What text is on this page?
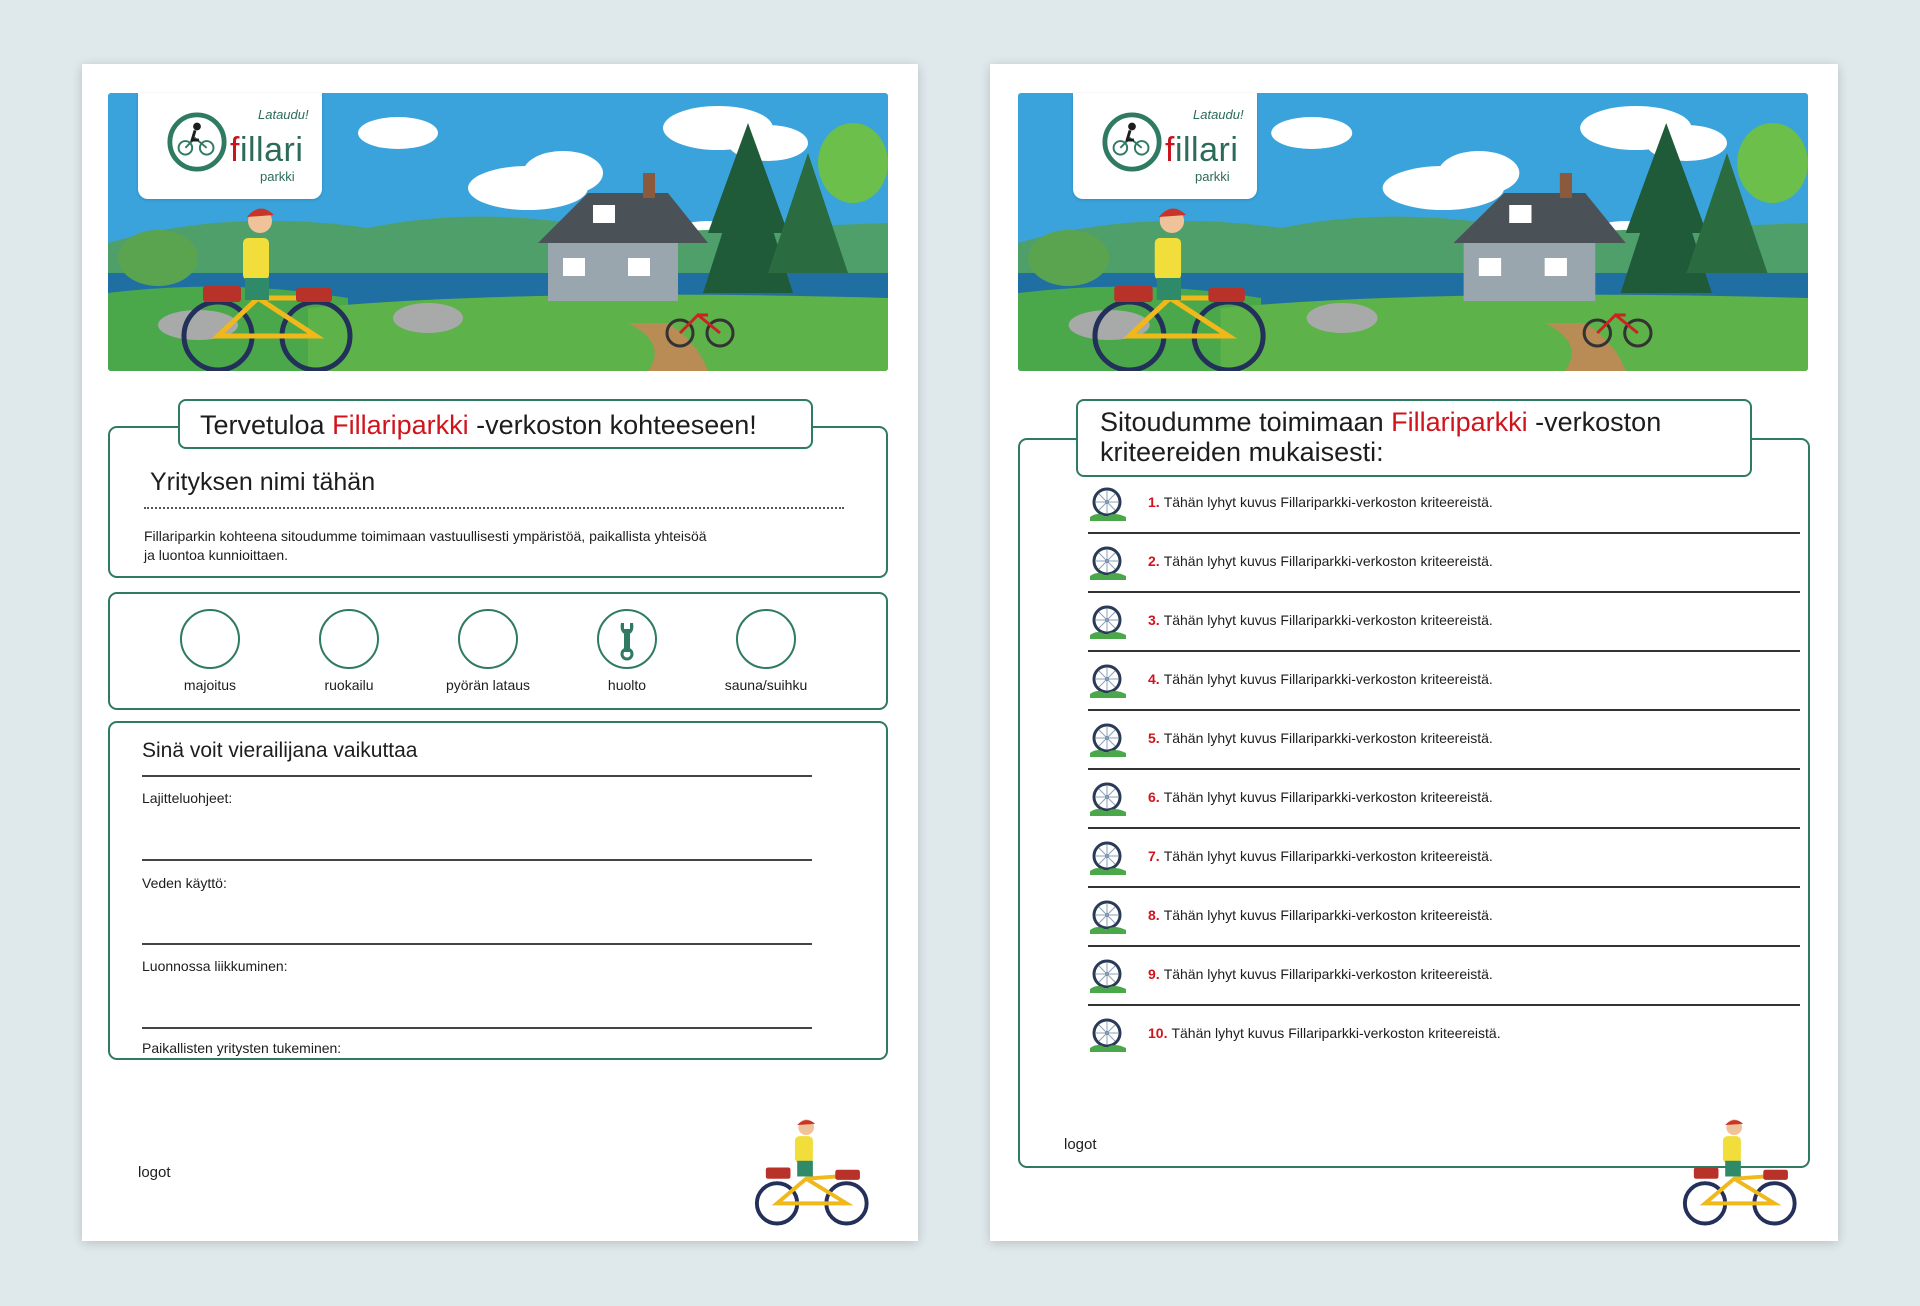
Lataudu!
fillari
parkki
Yrityksen nimi tähän
Fillariparkin kohteena sitoudumme toimimaan vastuullisesti ympäristöä, paikallista yhteisöä
ja luontoa kunnioittaen.
Tervetuloa Fillariparkki -verkoston kohteeseen!
majoitus	ruokailu	pyörän lataus	huolto	sauna/suihku
Sinä voit vierailijana vaikuttaa
Lajitteluohjeet:
Veden käyttö:
Luonnossa liikkuminen:
Paikallisten yritysten tukeminen:
logot
Lataudu!
fillari
parkki
1. Tähän lyhyt kuvus Fillariparkki-verkoston kriteereistä.
2. Tähän lyhyt kuvus Fillariparkki-verkoston kriteereistä.
3. Tähän lyhyt kuvus Fillariparkki-verkoston kriteereistä.
4. Tähän lyhyt kuvus Fillariparkki-verkoston kriteereistä.
5. Tähän lyhyt kuvus Fillariparkki-verkoston kriteereistä.
6. Tähän lyhyt kuvus Fillariparkki-verkoston kriteereistä.
7. Tähän lyhyt kuvus Fillariparkki-verkoston kriteereistä.
8. Tähän lyhyt kuvus Fillariparkki-verkoston kriteereistä.
9. Tähän lyhyt kuvus Fillariparkki-verkoston kriteereistä.
10. Tähän lyhyt kuvus Fillariparkki-verkoston kriteereistä.
Sitoudumme toimimaan Fillariparkki -verkoston
kriteereiden mukaisesti:
logot
